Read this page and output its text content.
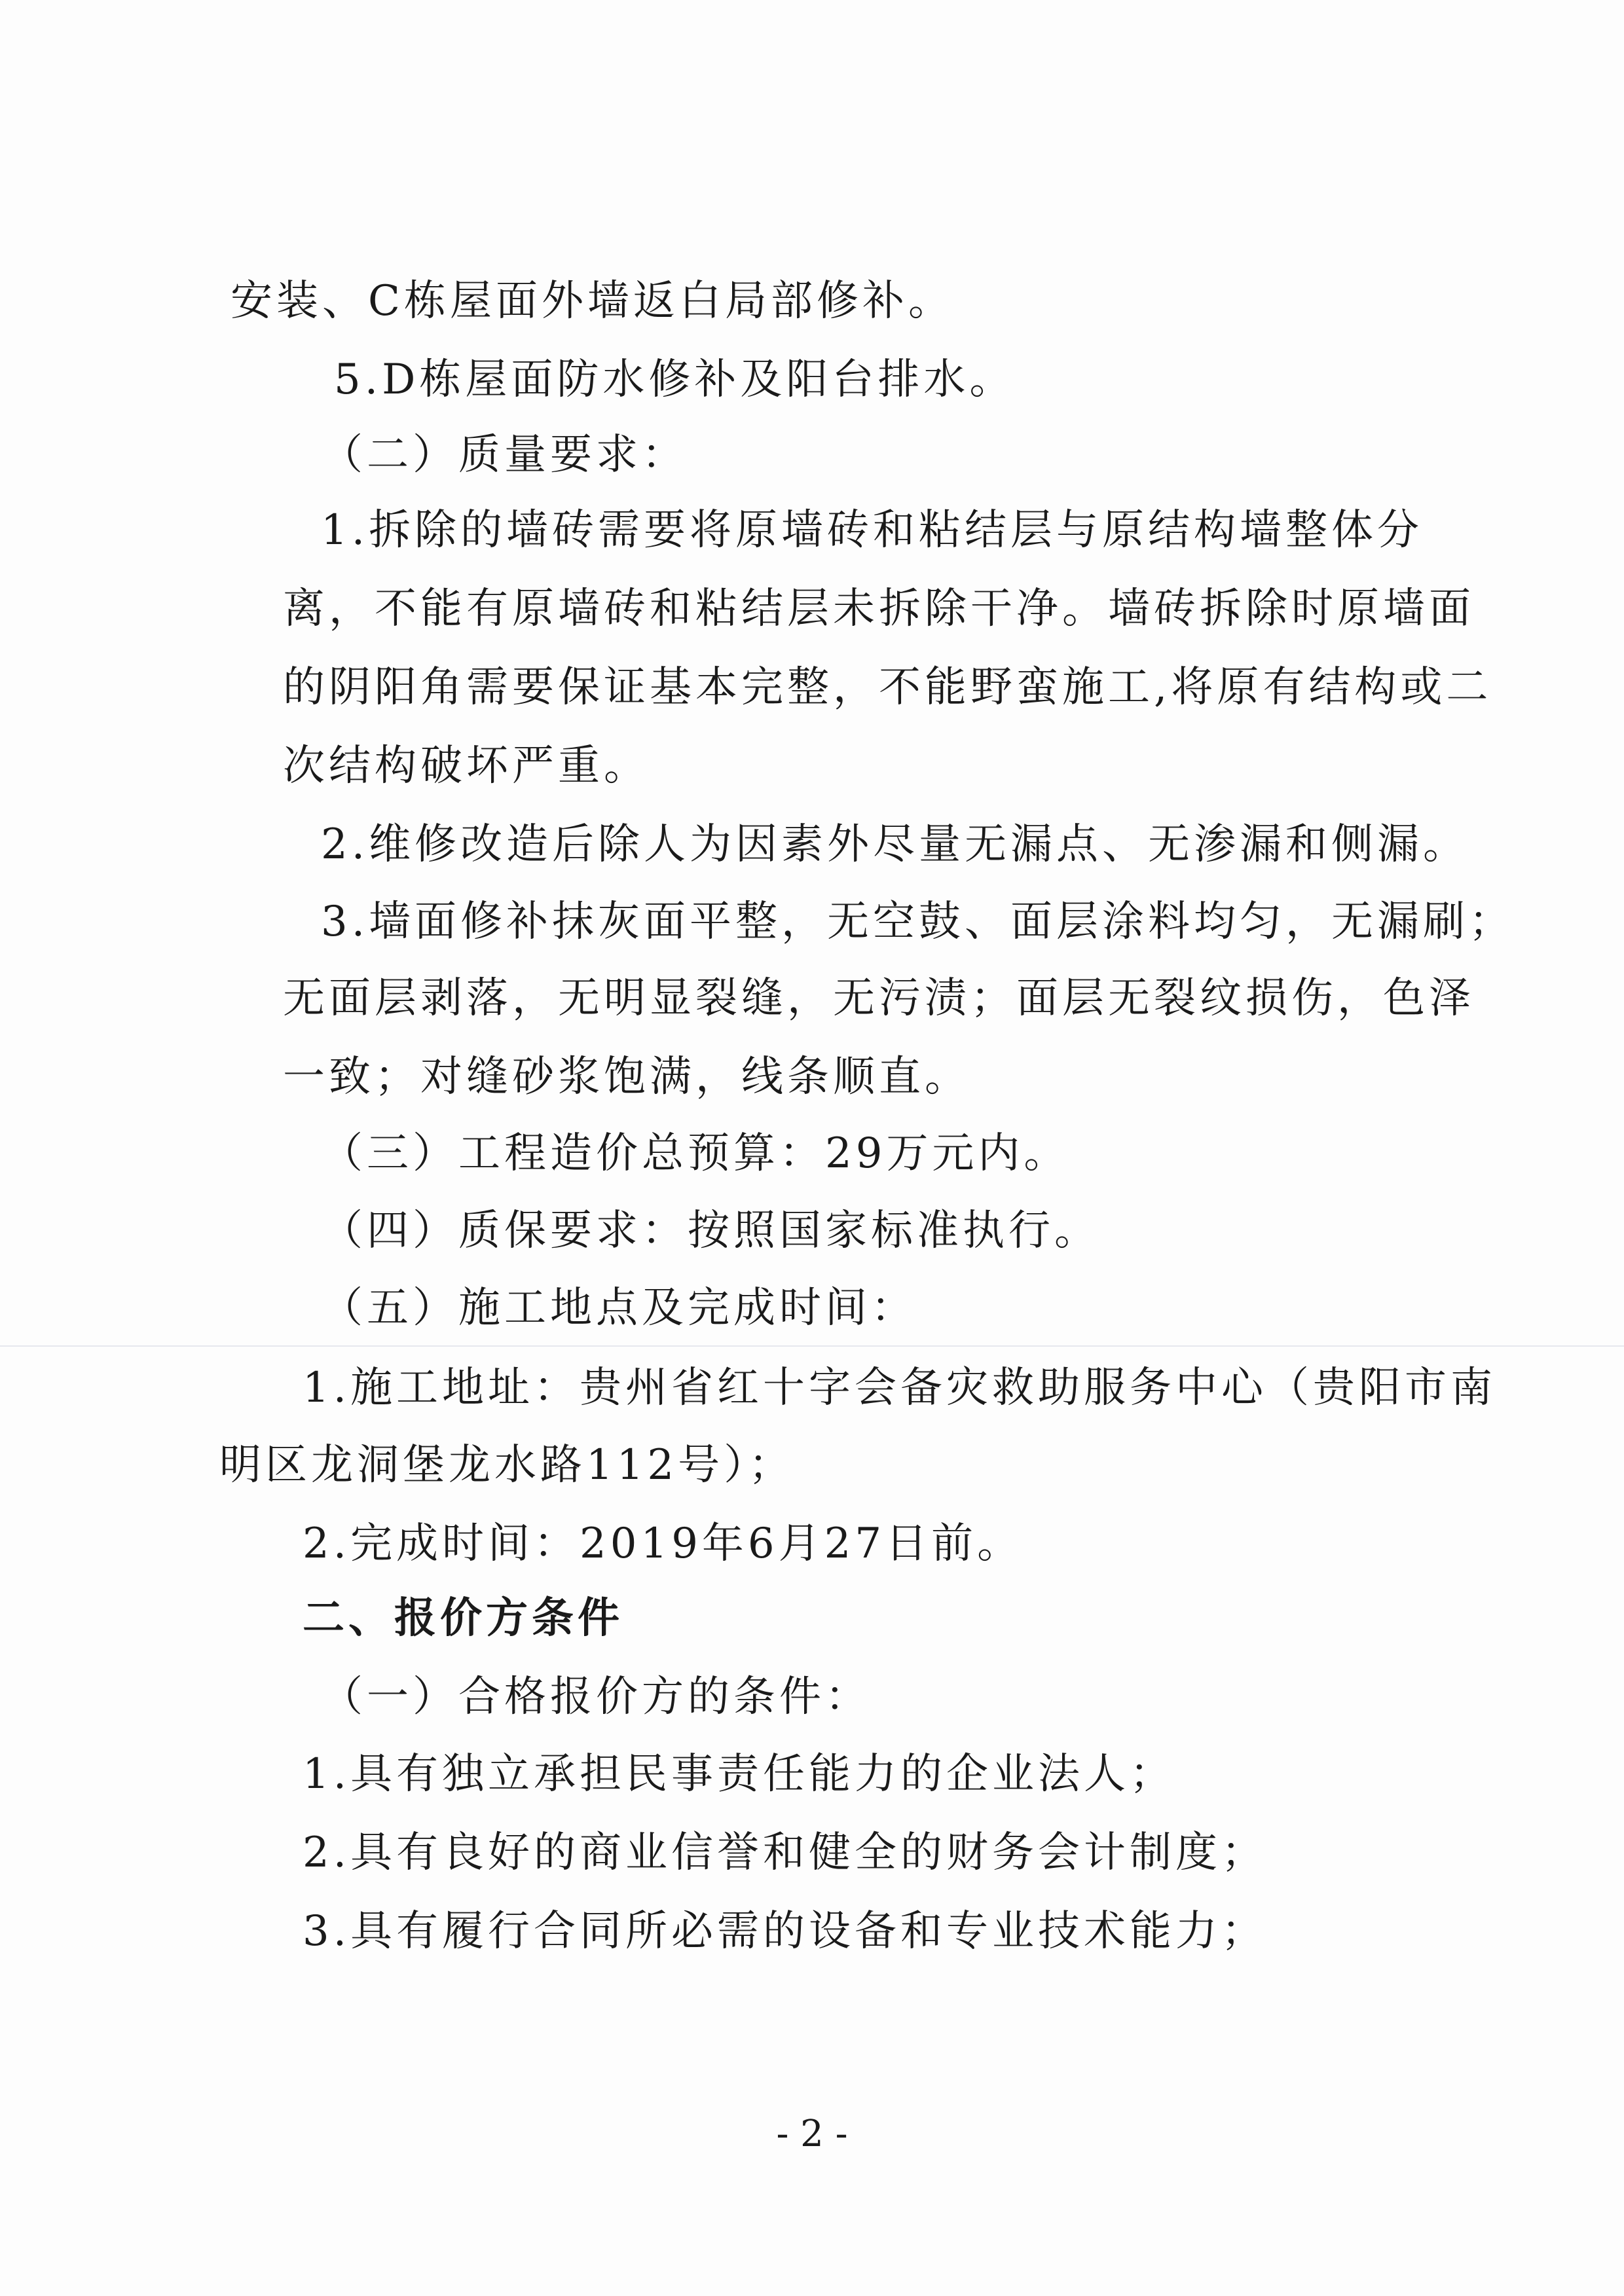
安装、C栋屋面外墙返白局部修补。
5.D栋屋面防水修补及阳台排水。
（二）质量要求：
1.拆除的墙砖需要将原墙砖和粘结层与原结构墙整体分
离，不能有原墙砖和粘结层未拆除干净。墙砖拆除时原墙面
的阴阳角需要保证基本完整，不能野蛮施工,将原有结构或二
次结构破坏严重。
2.维修改造后除人为因素外尽量无漏点、无渗漏和侧漏。
3.墙面修补抹灰面平整，无空鼓、面层涂料均匀，无漏刷；
无面层剥落，无明显裂缝，无污渍；面层无裂纹损伤，色泽
一致；对缝砂浆饱满，线条顺直。
（三）工程造价总预算：29万元内。
（四）质保要求：按照国家标准执行。
（五）施工地点及完成时间：
1.施工地址：贵州省红十字会备灾救助服务中心（贵阳市南
明区龙洞堡龙水路112号）；
2.完成时间：2019年6月27日前。
二、报价方条件
（一）合格报价方的条件：
1.具有独立承担民事责任能力的企业法人；
2.具有良好的商业信誉和健全的财务会计制度；
3.具有履行合同所必需的设备和专业技术能力；
- 2 -
